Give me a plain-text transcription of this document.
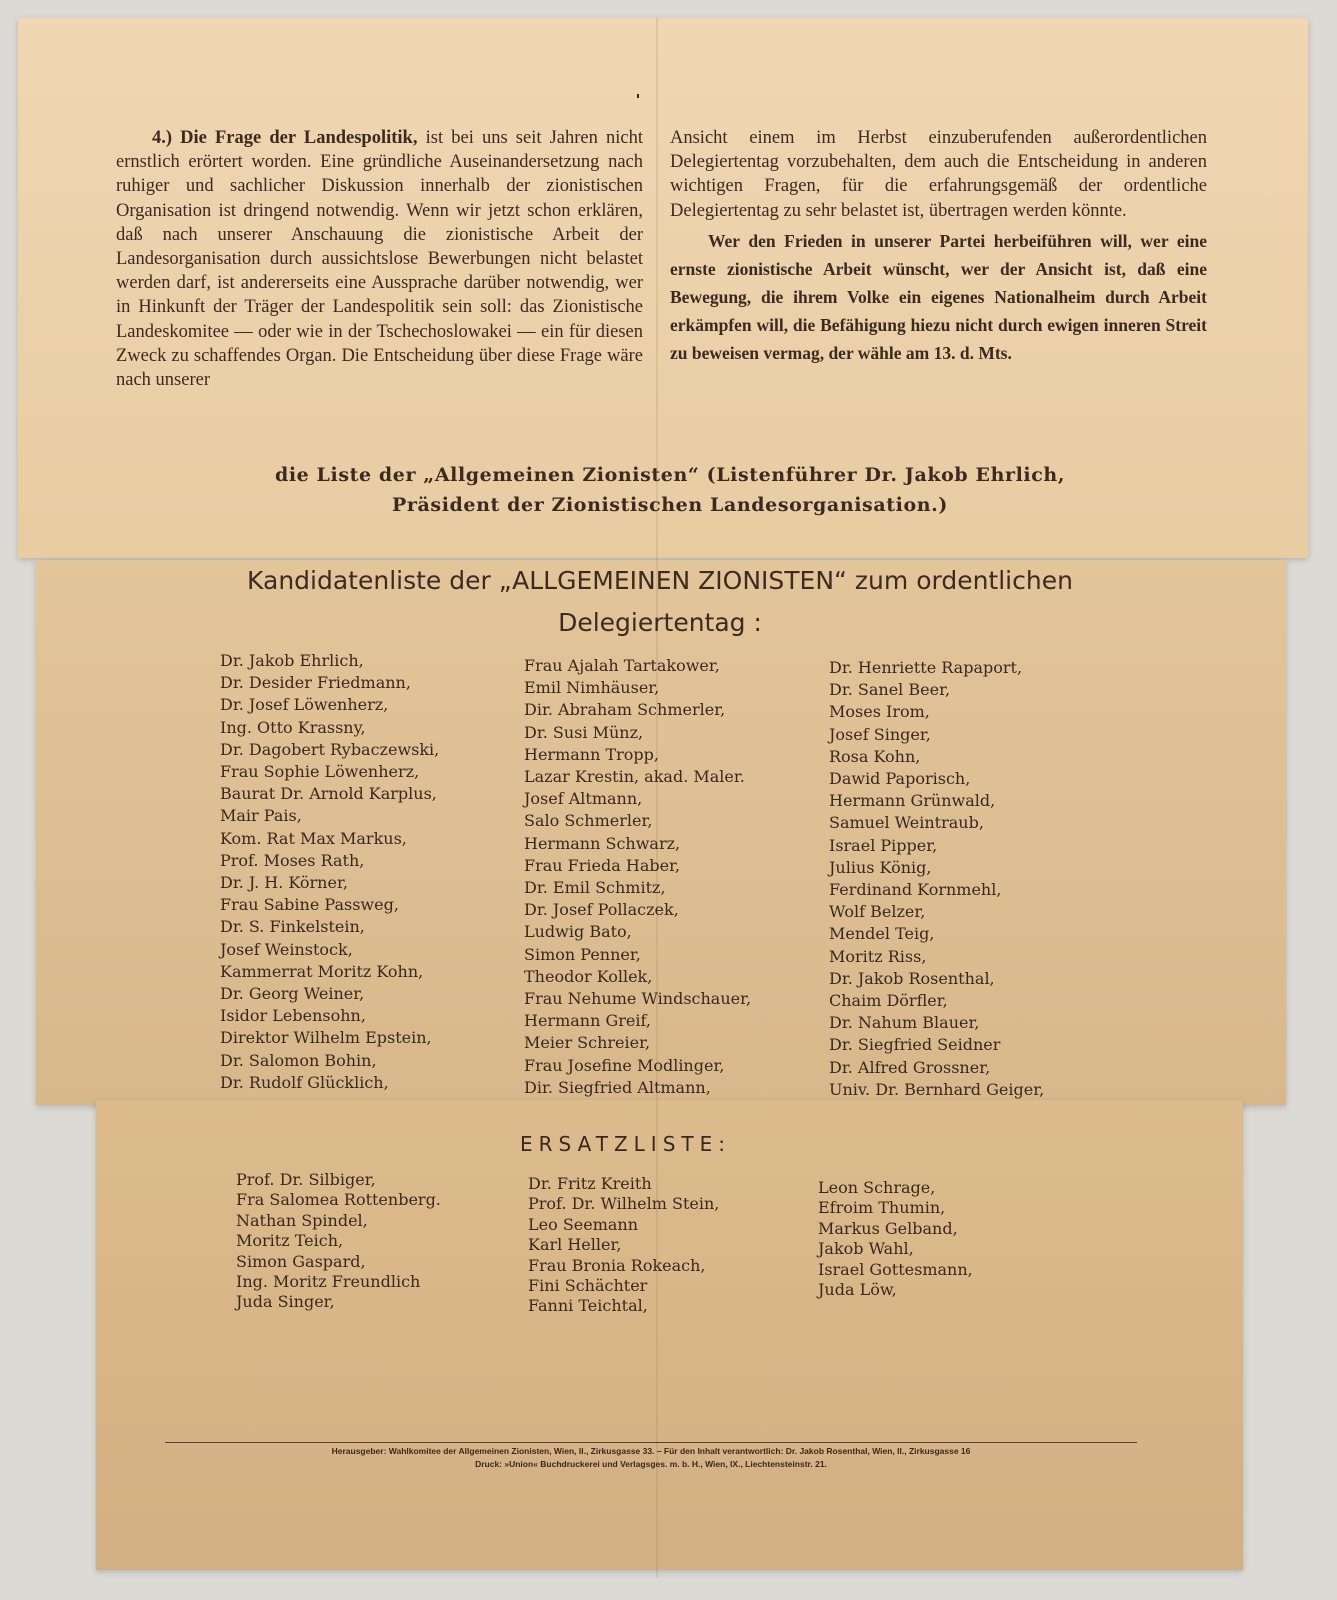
4.) Die Frage der Landespolitik, ist bei uns seit Jahren nicht ernstlich erörtert worden. Eine gründliche Auseinandersetzung nach ruhiger und sachlicher Diskussion innerhalb der zionistischen Organisation ist dringend notwendig. Wenn wir jetzt schon erklären, daß nach unserer Anschauung die zionistische Arbeit der Landesorganisation durch aussichtslose Bewerbungen nicht belastet werden darf, ist andererseits eine Aussprache darüber notwendig, wer in Hinkunft der Träger der Landespolitik sein soll: das Zionistische Landeskomitee — oder wie in der Tschechoslowakei — ein für diesen Zweck zu schaffendes Organ. Die Entscheidung über diese Frage wäre nach unserer

Ansicht einem im Herbst einzuberufenden außerordentlichen Delegiertentag vorzubehalten, dem auch die Entscheidung in anderen wichtigen Fragen, für die erfahrungsgemäß der ordentliche Delegiertentag zu sehr belastet ist, übertragen werden könnte.

Wer den Frieden in unserer Partei herbeiführen will, wer eine ernste zionistische Arbeit wünscht, wer der Ansicht ist, daß eine Bewegung, die ihrem Volke ein eigenes Nationalheim durch Arbeit erkämpfen will, die Befähigung hiezu nicht durch ewigen inneren Streit zu beweisen vermag, der wähle am 13. d. Mts.

die Liste der „Allgemeinen Zionisten“ (Listenführer Dr. Jakob Ehrlich,
Präsident der Zionistischen Landesorganisation.)
Kandidatenliste der „ALLGEMEINEN ZIONISTEN“ zum ordentlichen
Delegiertentag :
Dr. Jakob Ehrlich,
Dr. Desider Friedmann,
Dr. Josef Löwenherz,
Ing. Otto Krassny,
Dr. Dagobert Rybaczewski,
Frau Sophie Löwenherz,
Baurat Dr. Arnold Karplus,
Mair Pais,
Kom. Rat Max Markus,
Prof. Moses Rath,
Dr. J. H. Körner,
Frau Sabine Passweg,
Dr. S. Finkelstein,
Josef Weinstock,
Kammerrat Moritz Kohn,
Dr. Georg Weiner,
Isidor Lebensohn,
Direktor Wilhelm Epstein,
Dr. Salomon Bohin,
Dr. Rudolf Glücklich,
Frau Ajalah Tartakower,
Emil Nimhäuser,
Dir. Abraham Schmerler,
Dr. Susi Münz,
Hermann Tropp,
Lazar Krestin, akad. Maler.
Josef Altmann,
Salo Schmerler,
Hermann Schwarz,
Frau Frieda Haber,
Dr. Emil Schmitz,
Dr. Josef Pollaczek,
Ludwig Bato,
Simon Penner,
Theodor Kollek,
Frau Nehume Windschauer,
Hermann Greif,
Meier Schreier,
Frau Josefine Modlinger,
Dir. Siegfried Altmann,
Dr. Henriette Rapaport,
Dr. Sanel Beer,
Moses Irom,
Josef Singer,
Rosa Kohn,
Dawid Paporisch,
Hermann Grünwald,
Samuel Weintraub,
Israel Pipper,
Julius König,
Ferdinand Kornmehl,
Wolf Belzer,
Mendel Teig,
Moritz Riss,
Dr. Jakob Rosenthal,
Chaim Dörfler,
Dr. Nahum Blauer,
Dr. Siegfried Seidner
Dr. Alfred Grossner,
Univ. Dr. Bernhard Geiger,
ERSATZLISTE:
Prof. Dr. Silbiger,
Fra Salomea Rottenberg.
Nathan Spindel,
Moritz Teich,
Simon Gaspard,
Ing. Moritz Freundlich
Juda Singer,
Dr. Fritz Kreith
Prof. Dr. Wilhelm Stein,
Leo Seemann
Karl Heller,
Frau Bronia Rokeach,
Fini Schächter
Fanni Teichtal,
Leon Schrage,
Efroim Thumin,
Markus Gelband,
Jakob Wahl,
Israel Gottesmann,
Juda Löw,
Herausgeber: Wahlkomitee der Allgemeinen Zionisten, Wien, II., Zirkusgasse 33. – Für den Inhalt verantwortlich: Dr. Jakob Rosenthal, Wien, II., Zirkusgasse 16
Druck: »Union« Buchdruckerei und Verlagsges. m. b. H., Wien, IX., Liechtensteinstr. 21.
